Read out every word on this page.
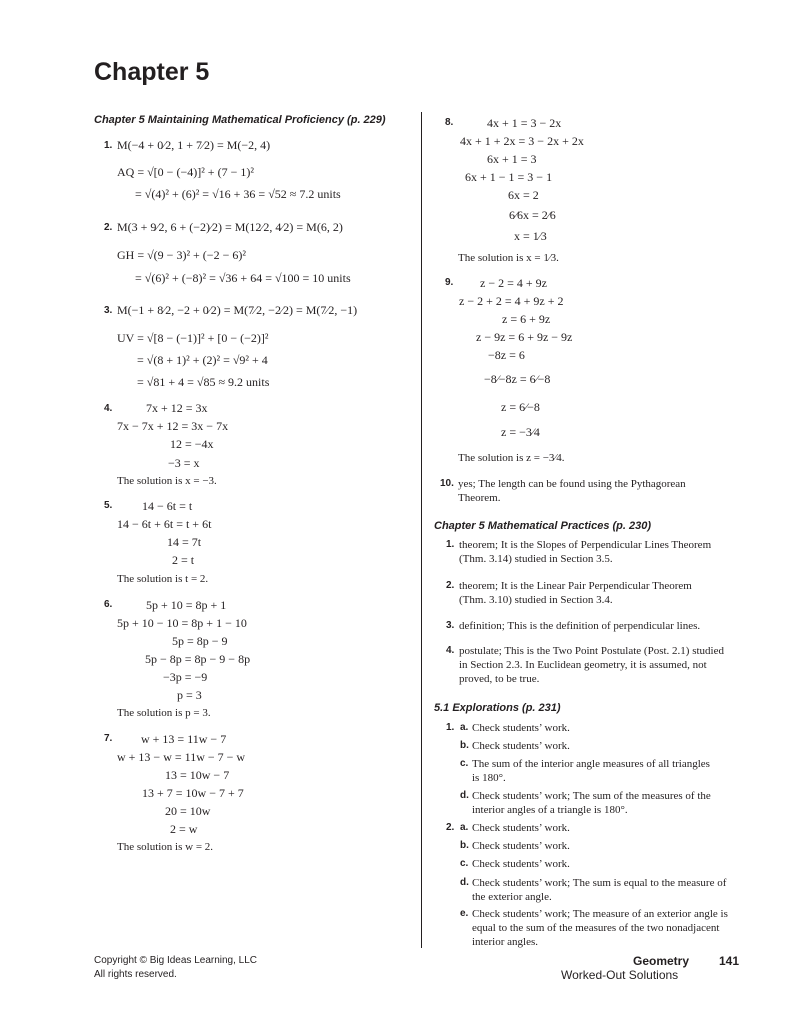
Chapter 5
Chapter 5 Maintaining Mathematical Proficiency (p. 229)
Chapter 5 Mathematical Practices (p. 230)
5.1 Explorations (p. 231)
1.
2.
3.
4.
5.
6.
7.
8.
9.
10.
1.
2.
3.
4.
1. a.
b.
c.
d.
2. a.
b.
c.
d.
e.
M(−4 + 0⁄2, 1 + 7⁄2) = M(−2, 4)
AQ = √[0 − (−4)]² + (7 − 1)²
= √(4)² + (6)² = √16 + 36 = √52 ≈ 7.2 units
M(3 + 9⁄2, 6 + (−2)⁄2) = M(12⁄2, 4⁄2) = M(6, 2)
GH = √(9 − 3)² + (−2 − 6)²
= √(6)² + (−8)² = √36 + 64 = √100 = 10 units
M(−1 + 8⁄2, −2 + 0⁄2) = M(7⁄2, −2⁄2) = M(7⁄2, −1)
UV = √[8 − (−1)]² + [0 − (−2)]²
= √(8 + 1)² + (2)² = √9² + 4
= √81 + 4 = √85 ≈ 9.2 units
7x + 12 = 3x
7x − 7x + 12 = 3x − 7x
12 = −4x
−3 = x
The solution is x = −3.
14 − 6t = t
14 − 6t + 6t = t + 6t
14 = 7t
2 = t
The solution is t = 2.
5p + 10 = 8p + 1
5p + 10 − 10 = 8p + 1 − 10
5p = 8p − 9
5p − 8p = 8p − 9 − 8p
−3p = −9
p = 3
The solution is p = 3.
w + 13 = 11w − 7
w + 13 − w = 11w − 7 − w
13 = 10w − 7
13 + 7 = 10w − 7 + 7
20 = 10w
2 = w
The solution is w = 2.
4x + 1 = 3 − 2x
4x + 1 + 2x = 3 − 2x + 2x
6x + 1 = 3
6x + 1 − 1 = 3 − 1
6x = 2
6⁄6x = 2⁄6
x = 1⁄3
The solution is x = 1⁄3.
z − 2 = 4 + 9z
z − 2 + 2 = 4 + 9z + 2
z = 6 + 9z
z − 9z = 6 + 9z − 9z
−8z = 6
−8⁄−8z = 6⁄−8
z = 6⁄−8
z = −3⁄4
The solution is z = −3⁄4.
yes; The length can be found using the Pythagorean
Theorem.
theorem; It is the Slopes of Perpendicular Lines Theorem
(Thm. 3.14) studied in Section 3.5.
theorem; It is the Linear Pair Perpendicular Theorem
(Thm. 3.10) studied in Section 3.4.
definition; This is the definition of perpendicular lines.
postulate; This is the Two Point Postulate (Post. 2.1) studied
in Section 2.3. In Euclidean geometry, it is assumed, not
proved, to be true.
Check students’ work.
Check students’ work.
The sum of the interior angle measures of all triangles
is 180°.
Check students’ work; The sum of the measures of the
interior angles of a triangle is 180°.
Check students’ work.
Check students’ work.
Check students’ work.
Check students’ work; The sum is equal to the measure of
the exterior angle.
Check students’ work; The measure of an exterior angle is
equal to the sum of the measures of the two nonadjacent
interior angles.
Copyright © Big Ideas Learning, LLC
All rights reserved.
Geometry
Worked-Out Solutions
141
